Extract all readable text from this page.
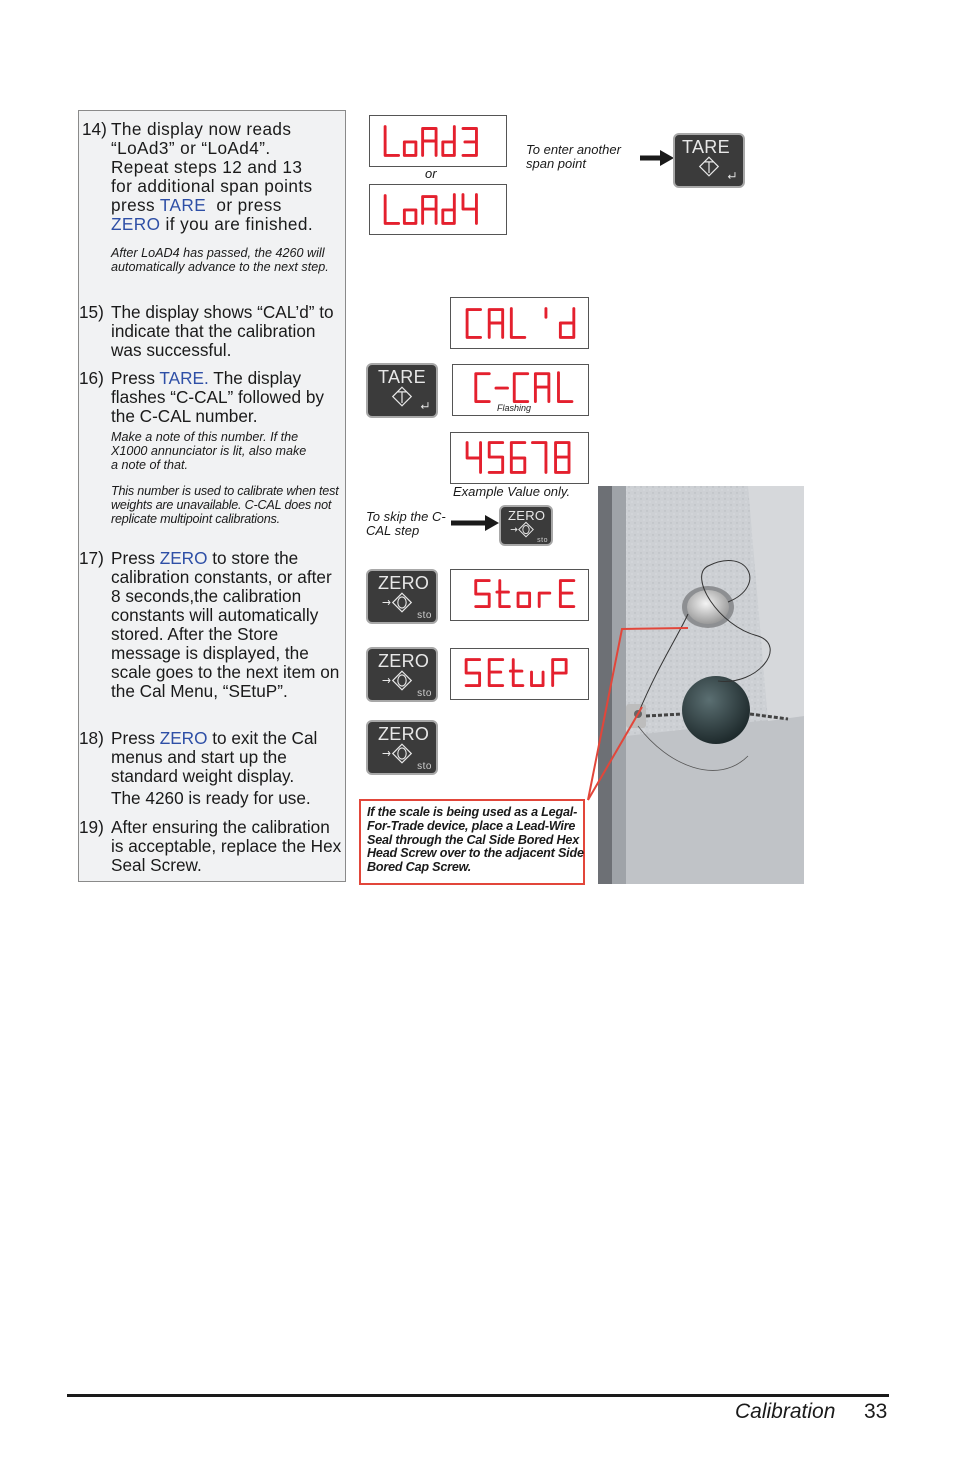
14) The display now reads
“LoAd3” or “LoAd4”.
Repeat steps 12 and 13
for additional span points
press TARE  or press
ZERO if you are finished.
After LoAD4 has passed, the 4260 will automatically advance to the next step.
15) The display shows “CAL’d” to indicate that the calibration was successful.
16) Press TARE. The display flashes “C-CAL” followed by the C-CAL number.
Make a note of this number. If the X1000 annunciator is lit, also make a note of that.
This number is used to calibrate when test weights are unavailable. C-CAL does not replicate multipoint calibrations.
17) Press ZERO to store the calibration constants, or after 8 seconds,the calibration constants will automatically stored. After the Store message is displayed, the scale goes to the next item on the Cal Menu, “SEtuP”.
18) Press ZERO to exit the Cal menus and start up the standard weight display.
The 4260 is ready for use.
19) After ensuring the calibration is acceptable, replace the Hex Seal Screw.
or
To enter another span point
TARE
TARE
Flashing
Example Value only.
To skip the C-CAL step
ZERO
sto
ZERO
sto
ZERO
sto
ZERO
sto
If the scale is being used as a Legal-For-Trade device, place a Lead-Wire Seal through the Cal Side Bored Hex Head Screw over to the adjacent Side Bored Cap Screw.
Calibration 33
